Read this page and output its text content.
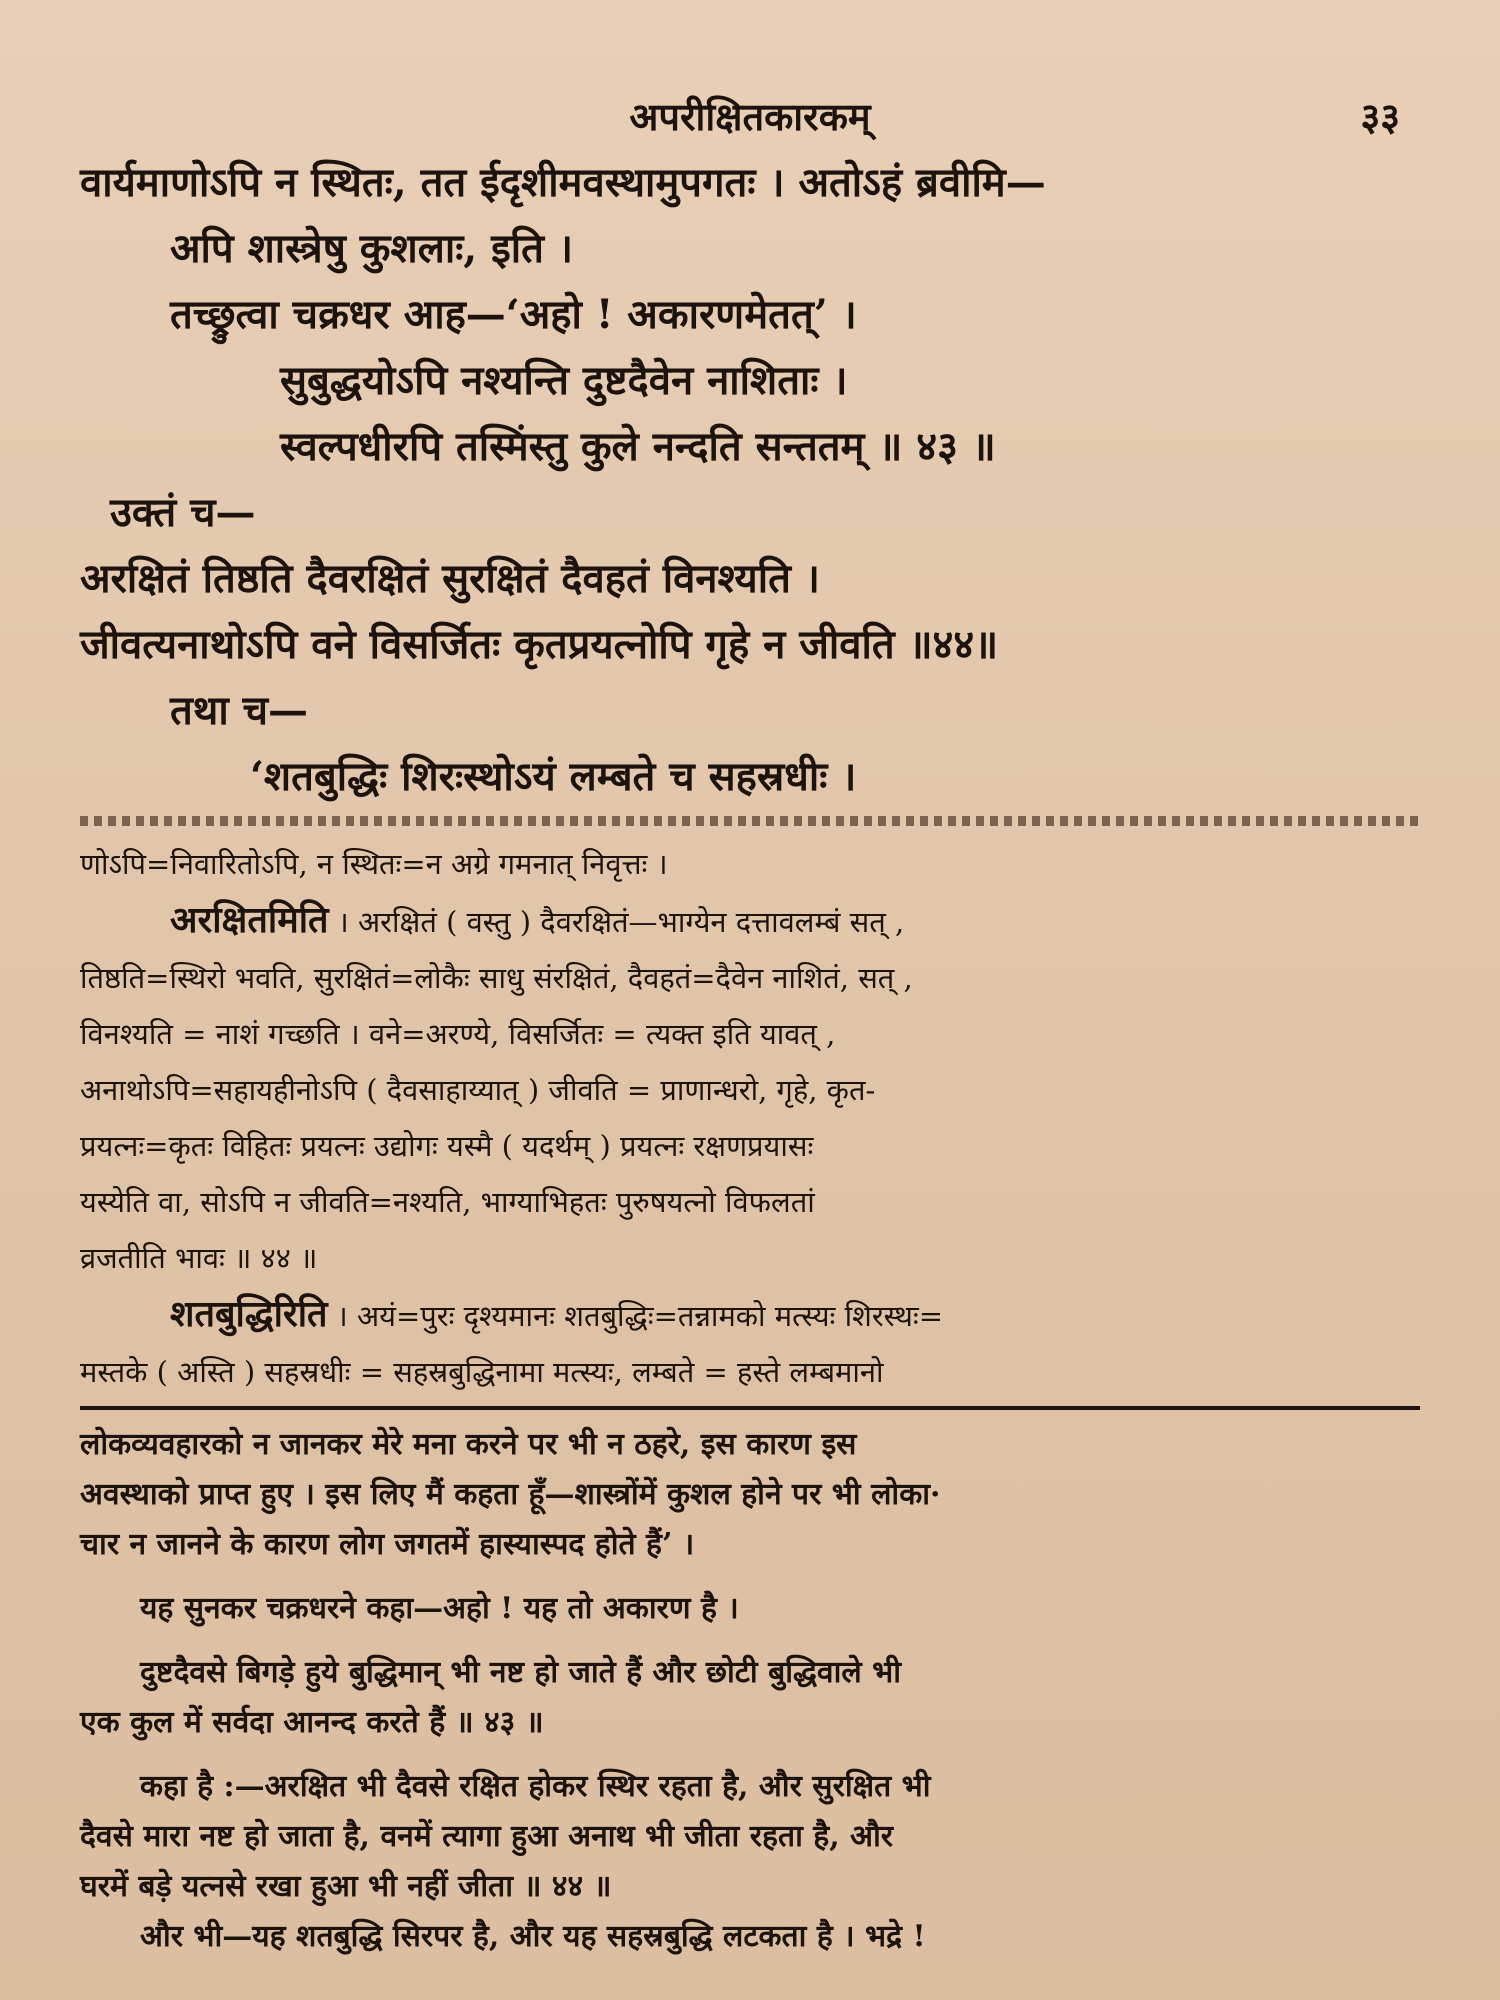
अपरीक्षितकारकम्	३३

वार्यमाणोऽपि न स्थितः, तत ईदृशीमवस्थामुपगतः । अतोऽहं ब्रवीमि—

अपि शास्त्रेषु कुशलाः, इति ।

तच्छ्रुत्वा चक्रधर आह—‘अहो ! अकारणमेतत्’ ।

सुबुद्धयोऽपि नश्यन्ति दुष्टदैवेन नाशिताः ।

स्वल्पधीरपि तस्मिंस्तु कुले नन्दति सन्ततम् ॥ ४३ ॥

उक्तं च—

अरक्षितं तिष्ठति दैवरक्षितं सुरक्षितं दैवहतं विनश्यति ।

जीवत्यनाथोऽपि वने विसर्जितः कृतप्रयत्नोपि गृहे न जीवति ॥४४॥

तथा च—

‘शतबुद्धिः शिरःस्थोऽयं लम्बते च सहस्रधीः ।

णोऽपि=निवारितोऽपि, न स्थितः=न अग्रे गमनात् निवृत्तः ।

अरक्षितमिति । अरक्षितं ( वस्तु ) दैवरक्षितं—भाग्येन दत्तावलम्बं सत् ,

तिष्ठति=स्थिरो भवति, सुरक्षितं=लोकैः साधु संरक्षितं, दैवहतं=दैवेन नाशितं, सत् ,

विनश्यति = नाशं गच्छति । वने=अरण्ये, विसर्जितः = त्यक्त इति यावत् ,

अनाथोऽपि=सहायहीनोऽपि ( दैवसाहाय्यात् ) जीवति = प्राणान्धरो, गृहे, कृत-

प्रयत्नः=कृतः विहितः प्रयत्नः उद्योगः यस्मै ( यदर्थम् ) प्रयत्नः रक्षणप्रयासः

यस्येति वा, सोऽपि न जीवति=नश्यति, भाग्याभिहतः पुरुषयत्नो विफलतां

व्रजतीति भावः ॥ ४४ ॥

शतबुद्धिरिति । अयं=पुरः दृश्यमानः शतबुद्धिः=तन्नामको मत्स्यः शिरस्थः=

मस्तके ( अस्ति ) सहस्रधीः = सहस्रबुद्धिनामा मत्स्यः, लम्बते = हस्ते लम्बमानो

लोकव्यवहारको न जानकर मेरे मना करने पर भी न ठहरे, इस कारण इस

अवस्थाको प्राप्त हुए । इस लिए मैं कहता हूँ—शास्त्रोंमें कुशल होने पर भी लोका·

चार न जानने के कारण लोग जगतमें हास्यास्पद होते हैं’ ।

यह सुनकर चक्रधरने कहा—अहो ! यह तो अकारण है ।

दुष्टदैवसे बिगड़े हुये बुद्धिमान् भी नष्ट हो जाते हैं और छोटी बुद्धिवाले भी

एक कुल में सर्वदा आनन्द करते हैं ॥ ४३ ॥

कहा है :—अरक्षित भी दैवसे रक्षित होकर स्थिर रहता है, और सुरक्षित भी

दैवसे मारा नष्ट हो जाता है, वनमें त्यागा हुआ अनाथ भी जीता रहता है, और

घरमें बड़े यत्नसे रखा हुआ भी नहीं जीता ॥ ४४ ॥

और भी—यह शतबुद्धि सिरपर है, और यह सहस्रबुद्धि लटकता है । भद्रे !
